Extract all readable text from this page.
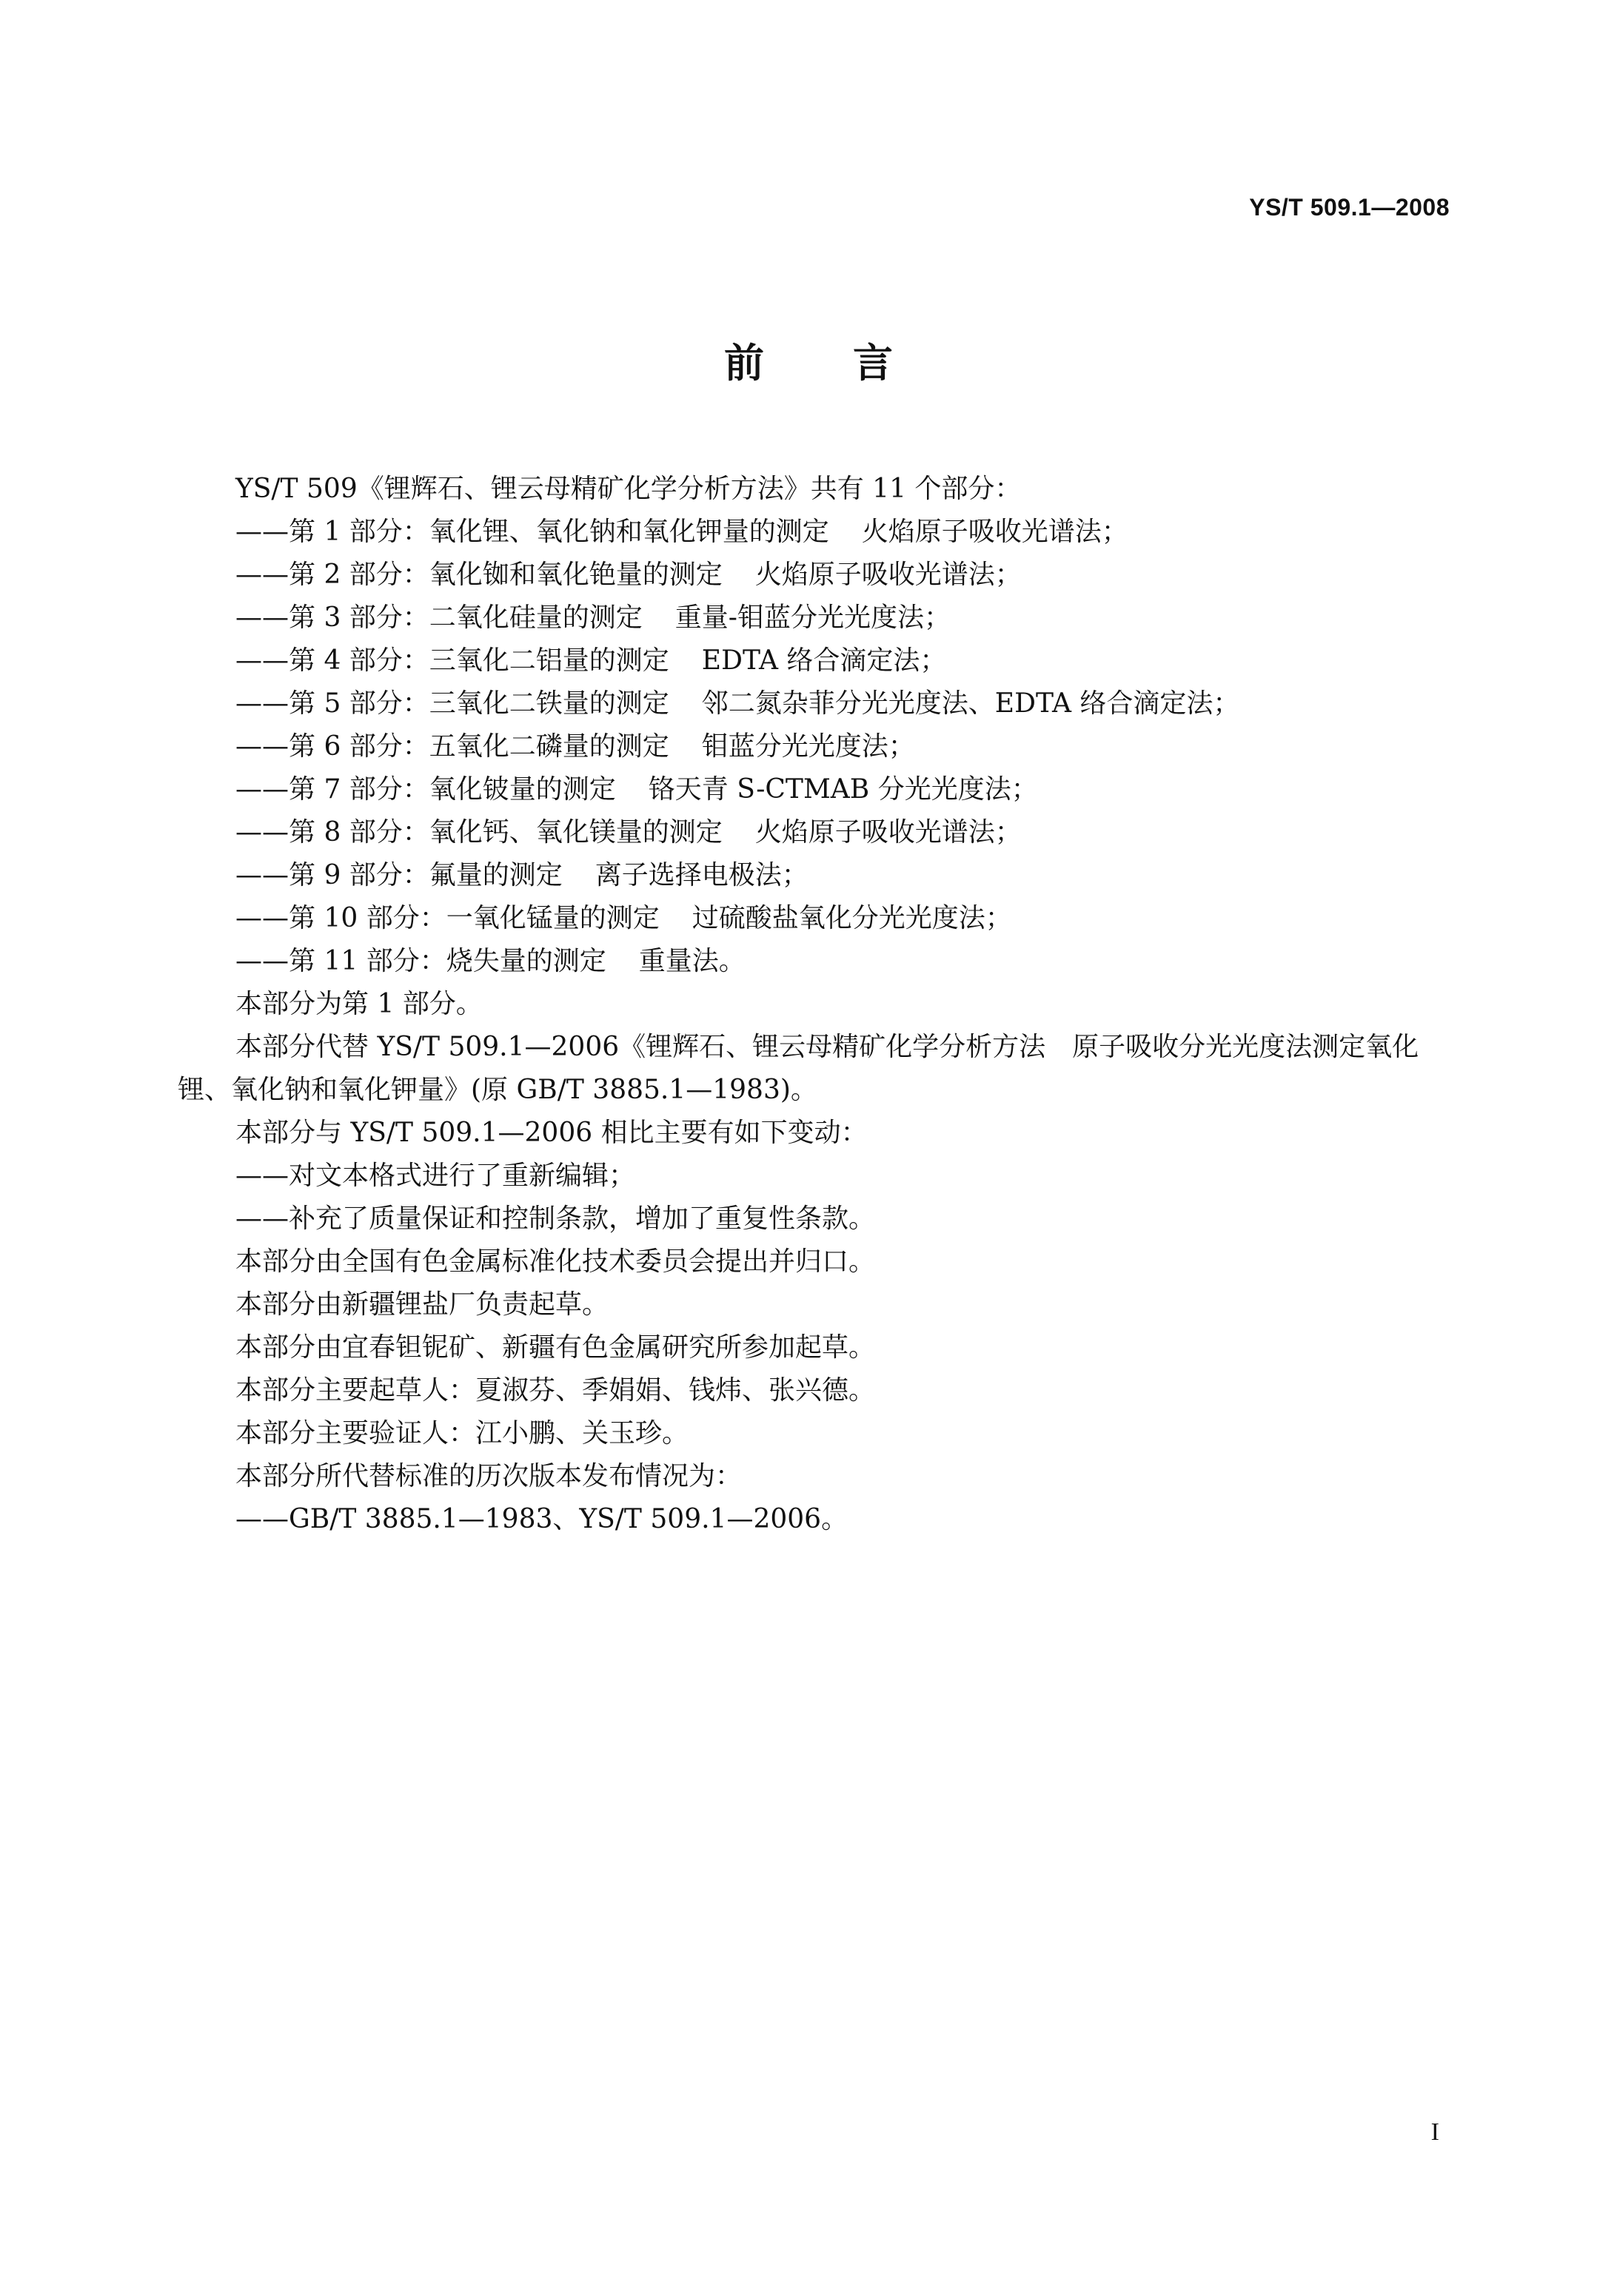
YS/T 509.1—2008
前言

YS/T 509《锂辉石、锂云母精矿化学分析方法》共有 11 个部分：

——第 1 部分：氧化锂、氧化钠和氧化钾量的测定 火焰原子吸收光谱法；

——第 2 部分：氧化铷和氧化铯量的测定 火焰原子吸收光谱法；

——第 3 部分：二氧化硅量的测定 重量-钼蓝分光光度法；

——第 4 部分：三氧化二铝量的测定 EDTA 络合滴定法；

——第 5 部分：三氧化二铁量的测定 邻二氮杂菲分光光度法、EDTA 络合滴定法；

——第 6 部分：五氧化二磷量的测定 钼蓝分光光度法；

——第 7 部分：氧化铍量的测定 铬天青 S-CTMAB 分光光度法；

——第 8 部分：氧化钙、氧化镁量的测定 火焰原子吸收光谱法；

——第 9 部分：氟量的测定 离子选择电极法；

——第 10 部分：一氧化锰量的测定 过硫酸盐氧化分光光度法；

——第 11 部分：烧失量的测定 重量法。

本部分为第 1 部分。

本部分代替 YS/T 509.1—2006《锂辉石、锂云母精矿化学分析方法　原子吸收分光光度法测定氧化锂、氧化钠和氧化钾量》(原 GB/T 3885.1—1983)。

本部分与 YS/T 509.1—2006 相比主要有如下变动：

——对文本格式进行了重新编辑；

——补充了质量保证和控制条款，增加了重复性条款。

本部分由全国有色金属标准化技术委员会提出并归口。

本部分由新疆锂盐厂负责起草。

本部分由宜春钽铌矿、新疆有色金属研究所参加起草。

本部分主要起草人：夏淑芬、季娟娟、钱炜、张兴德。

本部分主要验证人：江小鹏、关玉珍。

本部分所代替标准的历次版本发布情况为：

——GB/T 3885.1—1983、YS/T 509.1—2006。

I
